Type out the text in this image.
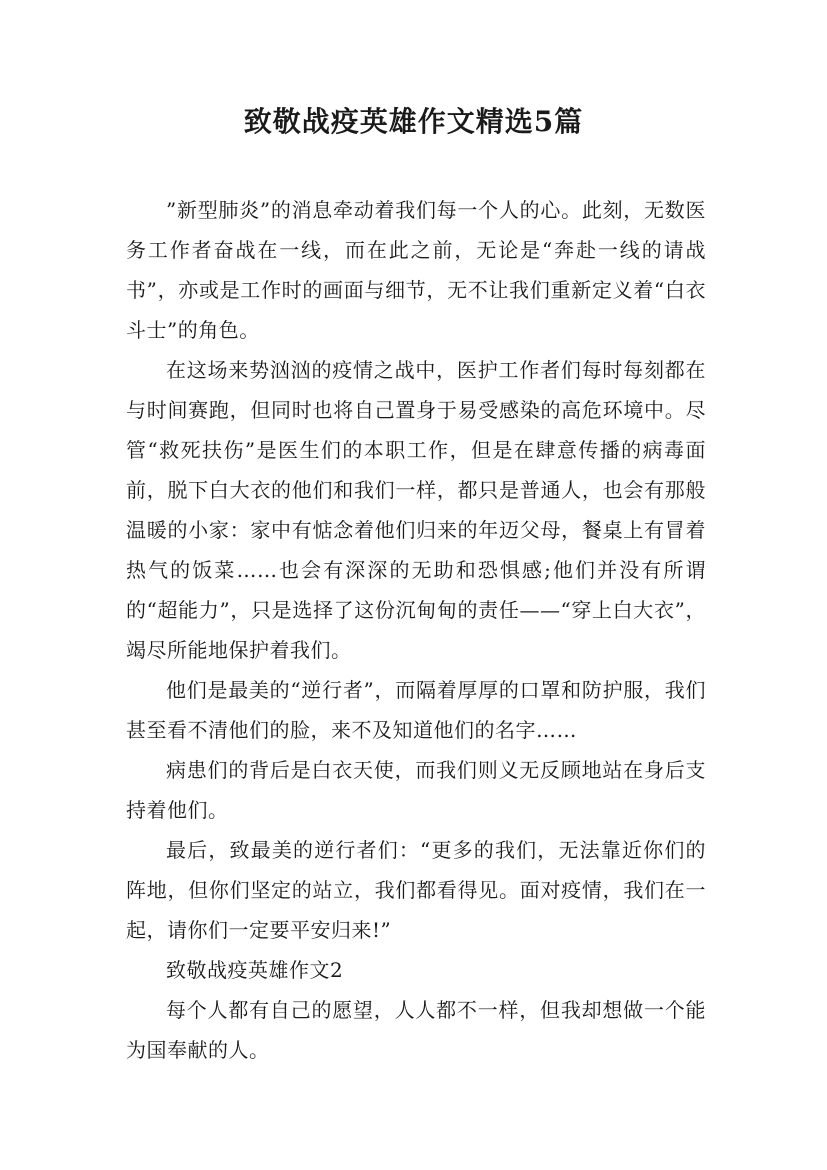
致敬战疫英雄作文精选5篇

”新型肺炎”的消息牵动着我们每一个人的心。此刻，无数医务工作者奋战在一线，而在此之前，无论是“奔赴一线的请战书”，亦或是工作时的画面与细节，无不让我们重新定义着“白衣斗士”的角色。

在这场来势汹汹的疫情之战中，医护工作者们每时每刻都在与时间赛跑，但同时也将自己置身于易受感染的高危环境中。尽管“救死扶伤”是医生们的本职工作，但是在肆意传播的病毒面前，脱下白大衣的他们和我们一样，都只是普通人，也会有那般温暖的小家：家中有惦念着他们归来的年迈父母，餐桌上有冒着热气的饭菜……也会有深深的无助和恐惧感;他们并没有所谓的“超能力”，只是选择了这份沉甸甸的责任——“穿上白大衣”，竭尽所能地保护着我们。

他们是最美的“逆行者”，而隔着厚厚的口罩和防护服，我们甚至看不清他们的脸，来不及知道他们的名字……

病患们的背后是白衣天使，而我们则义无反顾地站在身后支持着他们。

最后，致最美的逆行者们：“更多的我们，无法靠近你们的阵地，但你们坚定的站立，我们都看得见。面对疫情，我们在一起，请你们一定要平安归来!”

致敬战疫英雄作文2

每个人都有自己的愿望，人人都不一样，但我却想做一个能为国奉献的人。
